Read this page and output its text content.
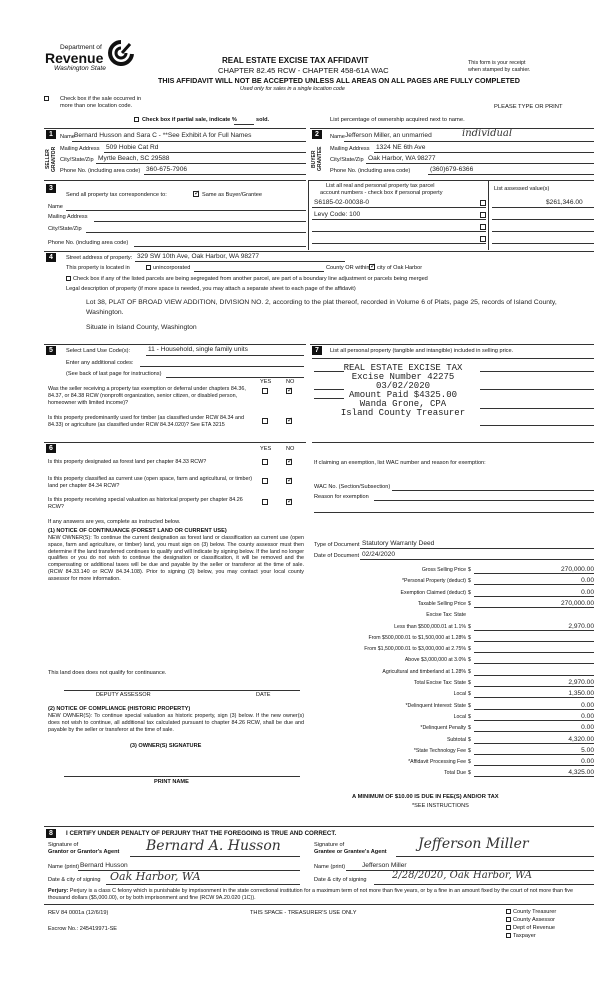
Department of
Revenue
Washington State
REAL ESTATE EXCISE TAX AFFIDAVIT
CHAPTER 82.45 RCW - CHAPTER 458-61A WAC
THIS AFFIDAVIT WILL NOT BE ACCEPTED UNLESS ALL AREAS ON ALL PAGES ARE FULLY COMPLETED
Used only for sales in a single location code
This form is your receipt
when stamped by cashier.
Check box if the sale occurred in
more than one location code.	PLEASE TYPE OR PRINT
Check box if partial sale, indicate %	sold.	List percentage of ownership acquired next to name.
1
SELLER
GRANTOR
Name Bernard Husson and Sara C - **See Exhibit A for Full Names
Mailing Address 509 Hobie Cat Rd
City/State/Zip Myrtle Beach, SC 29588
Phone No. (including area code) 360-675-7906
2
BUYER
GRANTEE
Name Jefferson Miller, an unmarried	individual
Mailing Address 1324 NE 6th Ave
City/State/Zip Oak Harbor, WA 98277
Phone No. (including area code)	(360)679-6366
3
Send all property tax correspondence to: ✓	Same as Buyer/Grantee
Name
Mailing Address
City/State/Zip
Phone No. (including area code)
List all real and personal property tax parcel
account numbers - check box if personal property
List assessed value(s)
S6185-02-00038-0	$261,346.00
Levy Code: 100
4	Street address of property: 329 SW 10th Ave, Oak Harbor, WA 98277
This property is located in	unincorporated	County OR within ✓ city of Oak Harbor
Check box if any of the listed parcels are being segregated from another parcel, are part of a boundary line adjustment or parcels being merged
Legal description of property (if more space is needed, you may attach a separate sheet to each page of the affidavit)
Lot 38, PLAT OF BROAD VIEW ADDITION, DIVISION NO. 2, according to the plat thereof, recorded in Volume 6 of Plats, page 25, records of Island County, Washington.
Situate in Island County, Washington
5	Select Land Use Code(s):	11 - Household, single family units
Enter any additional codes:
(See back of last page for instructions)
YES	NO
Was the seller receiving a property tax exemption or deferral under chapters 84.36, 84.37, or 84.38 RCW (nonprofit organization, senior citizen, or disabled person, homeowner with limited income)?
✓
Is this property predominantly used for timber (as classified under RCW 84.34 and 84.33) or agriculture (as classified under RCW 84.34.020)? See ETA 3215
✓
6	YES	NO
Is this property designated as forest land per chapter 84.33 RCW?
✓
Is this property classified as current use (open space, farm and agricultural, or timber) land per chapter 84.34 RCW?
✓
Is this property receiving special valuation as historical property per chapter 84.26 RCW?
✓
If any answers are yes, complete as instructed below.
(1) NOTICE OF CONTINUANCE (FOREST LAND OR CURRENT USE)
NEW OWNER(S): To continue the current designation as forest land or classification as current use (open space, farm and agriculture, or timber) land, you must sign on (3) below. The county assessor must then determine if the land transferred continues to qualify and will indicate by signing below. If the land no longer qualifies or you do not wish to continue the designation or classification, it will be removed and the compensating or additional taxes will be due and payable by the seller or transferor at the time of sale. (RCW 84.33.140 or RCW 84.34.108). Prior to signing (3) below, you may contact your local county assessor for more information.
This land does does not qualify for continuance.
DEPUTY ASSESSOR	DATE
(2) NOTICE OF COMPLIANCE (HISTORIC PROPERTY)
NEW OWNER(S): To continue special valuation as historic property, sign (3) below. If the new owner(s) does not wish to continue, all additional tax calculated pursuant to chapter 84.26 RCW, shall be due and payable by the seller or transferor at the time of sale.
(3) OWNER(S) SIGNATURE
PRINT NAME
7	List all personal property (tangible and intangible) included in selling price.
REAL ESTATE EXCISE TAX
Excise Number 42275
03/02/2020
Amount Paid $4325.00
Wanda Grone, CPA
Island County Treasurer
If claiming an exemption, list WAC number and reason for exemption:
WAC No. (Section/Subsection)
Reason for exemption
Type of Document Statutory Warranty Deed
Date of Document 02/24/2020
Gross Selling Price $	270,000.00
*Personal Property (deduct) $	0.00
Exemption Claimed (deduct) $	0.00
Taxable Selling Price $	270,000.00
Excise Tax: State
Less than $500,000.01 at 1.1% $	2,970.00
From $500,000.01 to $1,500,000 at 1.28% $
From $1,500,000.01 to $3,000,000 at 2.75% $
Above $3,000,000 at 3.0% $
Agricultural and timberland at 1.28% $
Total Excise Tax: State $	2,970.00
Local $	1,350.00
*Delinquent Interest: State $	0.00
Local $	0.00
*Delinquent Penalty $	0.00
Subtotal $	4,320.00
*State Technology Fee $	5.00
*Affidavit Processing Fee $	0.00
Total Due $	4,325.00
A MINIMUM OF $10.00 IS DUE IN FEE(S) AND/OR TAX
*SEE INSTRUCTIONS
8	I CERTIFY UNDER PENALTY OF PERJURY THAT THE FOREGOING IS TRUE AND CORRECT.
Signature of
Grantor or Grantor's Agent Bernard A. Husson
Name (print) Bernard Husson
Date & city of signing Oak Harbor, WA
Signature of
Grantee or Grantee's Agent Jefferson Miller
Name (print)	Jefferson Miller
Date & city of signing	2/28/2020, Oak Harbor, WA
Perjury: Perjury is a class C felony which is punishable by imprisonment in the state correctional institution for a maximum term of not more than five years, or by a fine in an amount fixed by the court of not more than five thousand dollars ($5,000.00), or by both imprisonment and fine (RCW 9A.20.020 (1C)).
REV 84 0001a (12/6/19)	THIS SPACE - TREASURER'S USE ONLY
Escrow No.: 245419971-SE
County Treasurer
County Assessor
Dept of Revenue
Taxpayer
